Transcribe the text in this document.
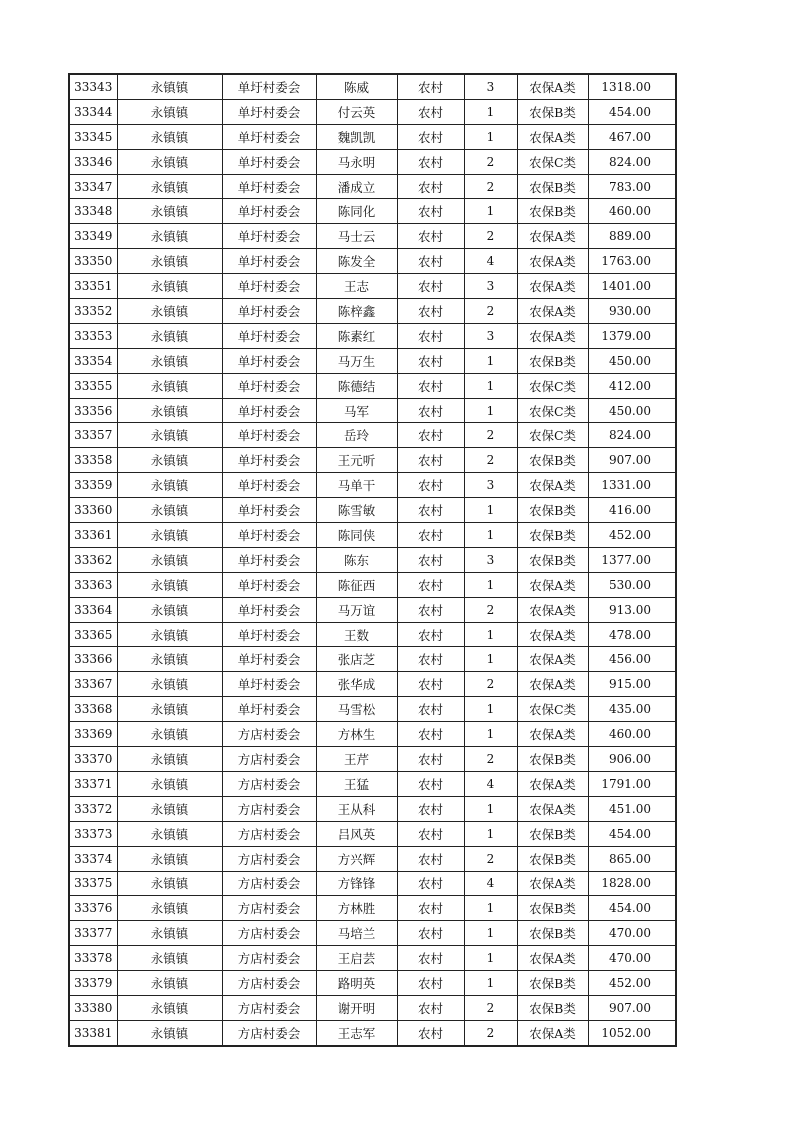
33343	永镇镇	单圩村委会	陈威	农村	3	农保A类	1318.00
33344	永镇镇	单圩村委会	付云英	农村	1	农保B类	454.00
33345	永镇镇	单圩村委会	魏凯凯	农村	1	农保A类	467.00
33346	永镇镇	单圩村委会	马永明	农村	2	农保C类	824.00
33347	永镇镇	单圩村委会	潘成立	农村	2	农保B类	783.00
33348	永镇镇	单圩村委会	陈同化	农村	1	农保B类	460.00
33349	永镇镇	单圩村委会	马士云	农村	2	农保A类	889.00
33350	永镇镇	单圩村委会	陈发全	农村	4	农保A类	1763.00
33351	永镇镇	单圩村委会	王志	农村	3	农保A类	1401.00
33352	永镇镇	单圩村委会	陈梓鑫	农村	2	农保A类	930.00
33353	永镇镇	单圩村委会	陈素红	农村	3	农保A类	1379.00
33354	永镇镇	单圩村委会	马万生	农村	1	农保B类	450.00
33355	永镇镇	单圩村委会	陈德结	农村	1	农保C类	412.00
33356	永镇镇	单圩村委会	马军	农村	1	农保C类	450.00
33357	永镇镇	单圩村委会	岳玲	农村	2	农保C类	824.00
33358	永镇镇	单圩村委会	王元听	农村	2	农保B类	907.00
33359	永镇镇	单圩村委会	马单干	农村	3	农保A类	1331.00
33360	永镇镇	单圩村委会	陈雪敏	农村	1	农保B类	416.00
33361	永镇镇	单圩村委会	陈同侠	农村	1	农保B类	452.00
33362	永镇镇	单圩村委会	陈东	农村	3	农保B类	1377.00
33363	永镇镇	单圩村委会	陈征西	农村	1	农保A类	530.00
33364	永镇镇	单圩村委会	马万谊	农村	2	农保A类	913.00
33365	永镇镇	单圩村委会	王数	农村	1	农保A类	478.00
33366	永镇镇	单圩村委会	张店芝	农村	1	农保A类	456.00
33367	永镇镇	单圩村委会	张华成	农村	2	农保A类	915.00
33368	永镇镇	单圩村委会	马雪松	农村	1	农保C类	435.00
33369	永镇镇	方店村委会	方林生	农村	1	农保A类	460.00
33370	永镇镇	方店村委会	王芹	农村	2	农保B类	906.00
33371	永镇镇	方店村委会	王猛	农村	4	农保A类	1791.00
33372	永镇镇	方店村委会	王从科	农村	1	农保A类	451.00
33373	永镇镇	方店村委会	吕风英	农村	1	农保B类	454.00
33374	永镇镇	方店村委会	方兴辉	农村	2	农保B类	865.00
33375	永镇镇	方店村委会	方锋锋	农村	4	农保A类	1828.00
33376	永镇镇	方店村委会	方林胜	农村	1	农保B类	454.00
33377	永镇镇	方店村委会	马培兰	农村	1	农保B类	470.00
33378	永镇镇	方店村委会	王启芸	农村	1	农保A类	470.00
33379	永镇镇	方店村委会	路明英	农村	1	农保B类	452.00
33380	永镇镇	方店村委会	谢开明	农村	2	农保B类	907.00
33381	永镇镇	方店村委会	王志军	农村	2	农保A类	1052.00
